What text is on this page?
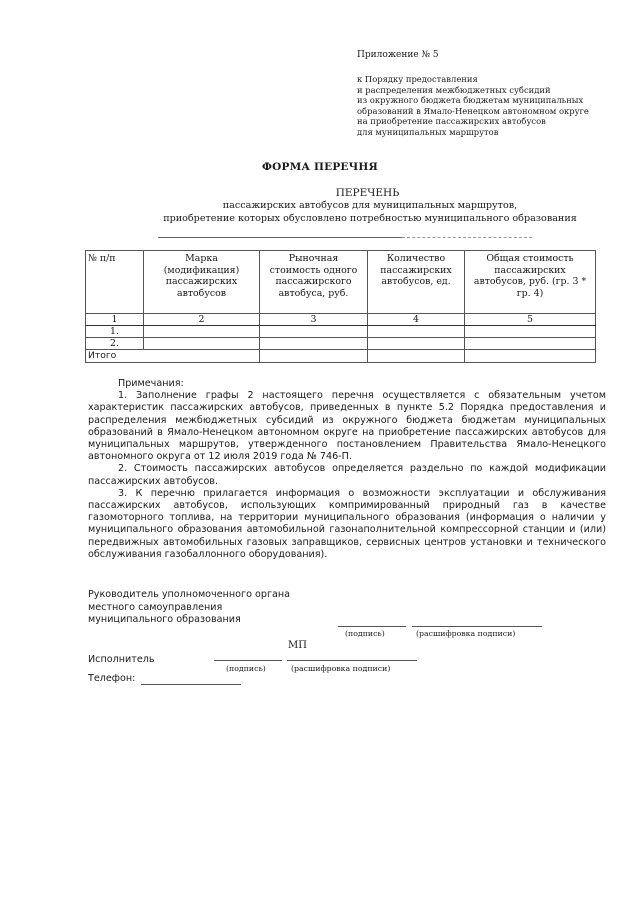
Приложение № 5
к Порядку предоставления
и распределения межбюджетных субсидий
из окружного бюджета бюджетам муниципальных
образований в Ямало-Ненецком автономном округе
на приобретение пассажирских автобусов
для муниципальных маршрутов
ФОРМА ПЕРЕЧНЯ
ПЕРЕЧЕНЬ
пассажирских автобусов для муниципальных маршрутов,
приобретение которых обусловлено потребностью муниципального образования
№ п/п	Марка (модификация) пассажирских автобусов	Рыночная стоимость одного пассажирского автобуса, руб.	Количество пассажирских автобусов, ед.	Общая стоимость пассажирских автобусов, руб. (гр. 3 * гр. 4)
1	2	3	4	5
1.				
2.				
Итого				

Примечания:

1. Заполнение графы 2 настоящего перечня осуществляется с обязательным учетом характеристик пассажирских автобусов, приведенных в пункте 5.2 Порядка предоставления и распределения межбюджетных субсидий из окружного бюджета бюджетам муниципальных образований в Ямало-Ненецком автономном округе на приобретение пассажирских автобусов для муниципальных маршрутов, утвержденного постановлением Правительства Ямало-Ненецкого автономного округа от 12 июля 2019 года № 746-П.

2. Стоимость пассажирских автобусов определяется раздельно по каждой модификации пассажирских автобусов.

3. К перечню прилагается информация о возможности эксплуатации и обслуживания пассажирских автобусов, использующих компримированный природный газ в качестве газомоторного топлива, на территории муниципального образования (информация о наличии у муниципального образования автомобильной газонаполнительной компрессорной станции и (или) передвижных автомобильных газовых заправщиков, сервисных центров установки и технического обслуживания газобаллонного оборудования).

Руководитель уполномоченного органа
местного самоуправления
муниципального образования
(подпись)	(расшифровка подписи)
МП
Исполнитель
(подпись)	(расшифровка подписи)
Телефон:
